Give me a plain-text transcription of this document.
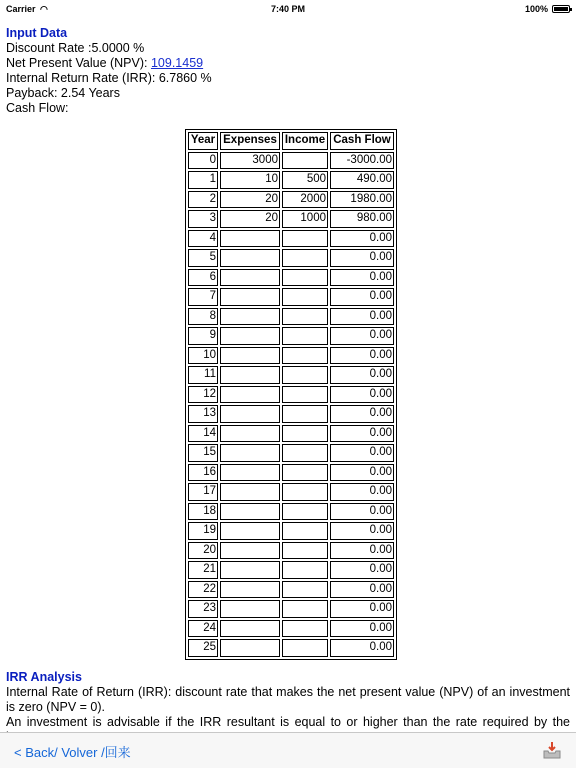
Carrier ◠	7:40 PM	100%
Input Data
Discount Rate :5.0000 %
Net Present Value (NPV): 109.1459
Internal Return Rate (IRR): 6.7860 %
Payback: 2.54 Years
Cash Flow:
Year	Expenses	Income	Cash Flow
0	3000		-3000.00
1	10	500	490.00
2	20	2000	1980.00
3	20	1000	980.00
4			0.00
5			0.00
6			0.00
7			0.00
8			0.00
9			0.00
10			0.00
11			0.00
12			0.00
13			0.00
14			0.00
15			0.00
16			0.00
17			0.00
18			0.00
19			0.00
20			0.00
21			0.00
22			0.00
23			0.00
24			0.00
25			0.00
IRR Analysis

Internal Rate of Return (IRR): discount rate that makes the net present value (NPV) of an investment is zero (NPV = 0).

An investment is advisable if the IRR resultant is equal to or higher than the rate required by the

< Back/ Volver /回来
